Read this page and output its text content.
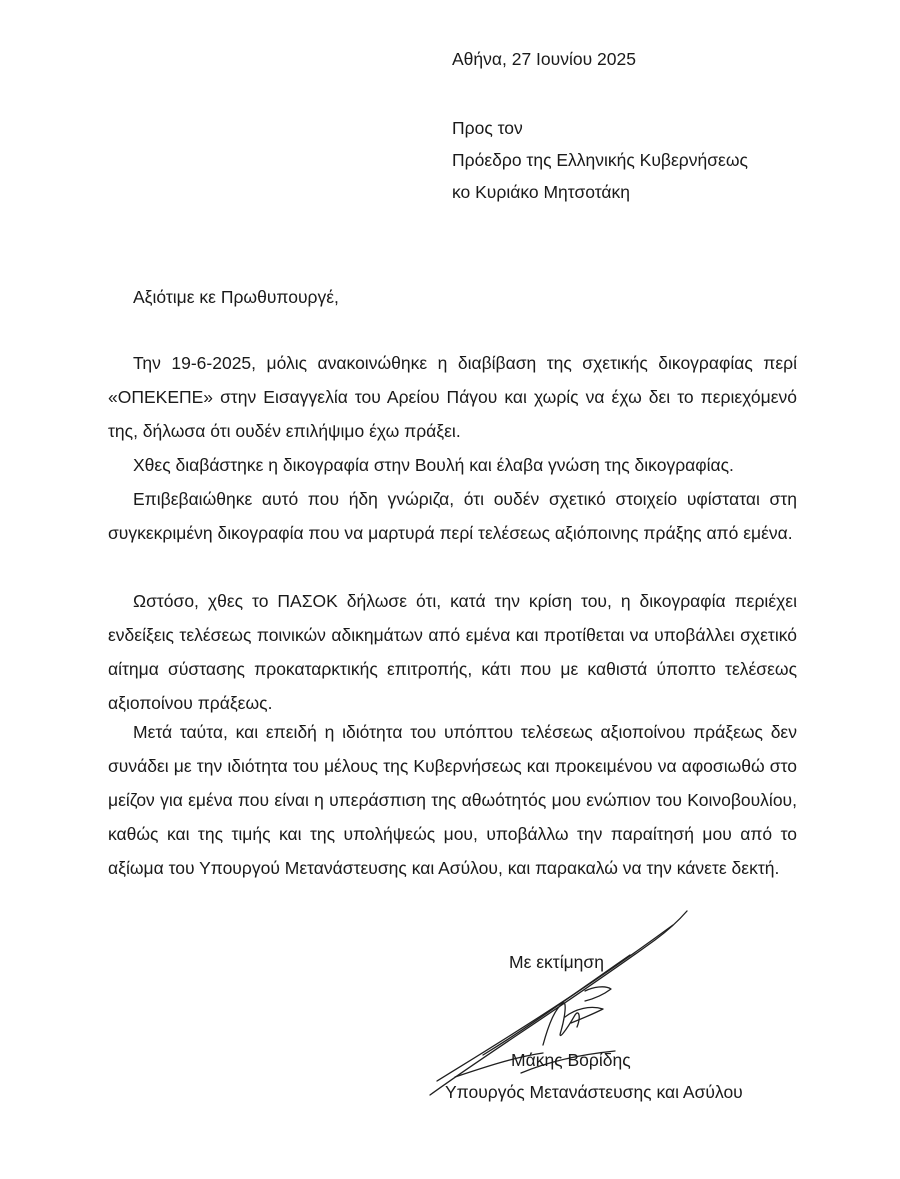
Αθήνα, 27 Ιουνίου 2025
Προς τον
Πρόεδρο της Ελληνικής Κυβερνήσεως
κο Κυριάκο Μητσοτάκη
Αξιότιμε κε Πρωθυπουργέ,
Την 19-6-2025, μόλις ανακοινώθηκε η διαβίβαση της σχετικής δικογραφίας περί «ΟΠΕΚΕΠΕ» στην Εισαγγελία του Αρείου Πάγου και χωρίς να έχω δει το περιεχόμενό της, δήλωσα ότι ουδέν επιλήψιμο έχω πράξει.
Χθες διαβάστηκε η δικογραφία στην Βουλή και έλαβα γνώση της δικογραφίας.
Επιβεβαιώθηκε αυτό που ήδη γνώριζα, ότι ουδέν σχετικό στοιχείο υφίσταται στη συγκεκριμένη δικογραφία που να μαρτυρά περί τελέσεως αξιόποινης πράξης από εμένα.
Ωστόσο, χθες το ΠΑΣΟΚ δήλωσε ότι, κατά την κρίση του, η δικογραφία περιέχει ενδείξεις τελέσεως ποινικών αδικημάτων από εμένα και προτίθεται να υποβάλλει σχετικό αίτημα σύστασης προκαταρκτικής επιτροπής, κάτι που με καθιστά ύποπτο τελέσεως αξιοποίνου πράξεως.
Μετά ταύτα, και επειδή η ιδιότητα του υπόπτου τελέσεως αξιοποίνου πράξεως δεν συνάδει με την ιδιότητα του μέλους της Κυβερνήσεως και προκειμένου να αφοσιωθώ στο μείζον για εμένα που είναι η υπεράσπιση της αθωότητός μου ενώπιον του Κοινοβουλίου, καθώς και της τιμής και της υπολήψεώς μου, υποβάλλω την παραίτησή μου από το αξίωμα του Υπουργού Μετανάστευσης και Ασύλου, και παρακαλώ να την κάνετε δεκτή.
Με εκτίμηση
Μάκης Βορίδης
Υπουργός Μετανάστευσης και Ασύλου
